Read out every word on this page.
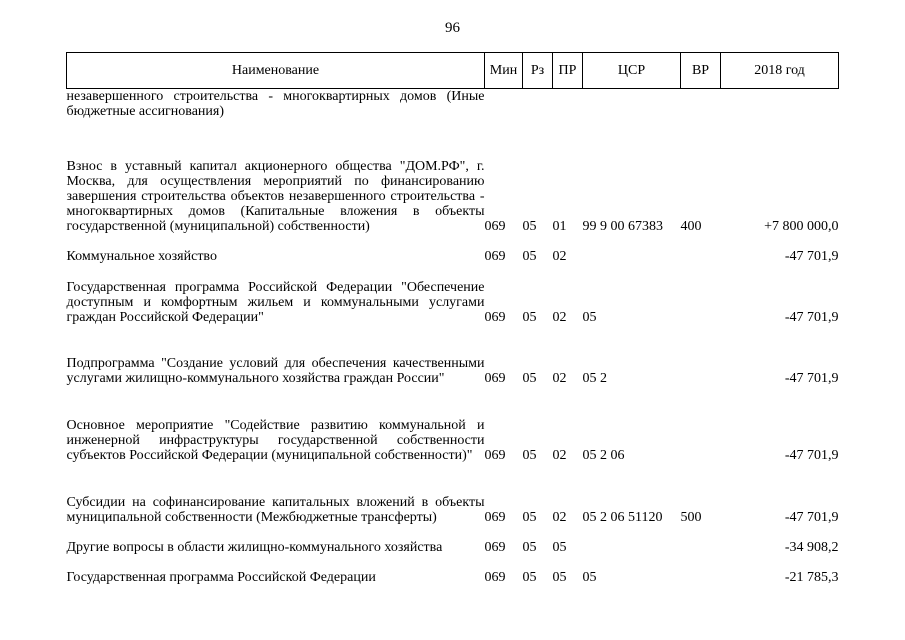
96
Наименование	Мин	Рз	ПР	ЦСР	ВР	2018 год
незавершенного строительства - многоквартирных домов (Иные бюджетные ассигнования)						
Взнос в уставный капитал акционерного общества "ДОМ.РФ", г. Москва, для осуществления мероприятий по финансированию завершения строительства объектов незавершенного строительства - многоквартирных домов (Капитальные вложения в объекты государственной (муниципальной) собственности)	069	05	01	99 9 00 67383	400	+7 800 000,0
Коммунальное хозяйство	069	05	02			-47 701,9
Государственная программа Российской Федерации "Обеспечение доступным и комфортным жильем и коммунальными услугами граждан Российской Федерации"	069	05	02	05		-47 701,9
Подпрограмма "Создание условий для обеспечения качественными услугами жилищно-коммунального хозяйства граждан России"	069	05	02	05 2		-47 701,9
Основное мероприятие "Содействие развитию коммунальной и инженерной инфраструктуры государственной собственности субъектов Российской Федерации (муниципальной собственности)"	069	05	02	05 2 06		-47 701,9
Субсидии на софинансирование капитальных вложений в объекты муниципальной собственности (Межбюджетные трансферты)	069	05	02	05 2 06 51120	500	-47 701,9
Другие вопросы в области жилищно-коммунального хозяйства	069	05	05			-34 908,2
Государственная программа Российской Федерации	069	05	05	05		-21 785,3
